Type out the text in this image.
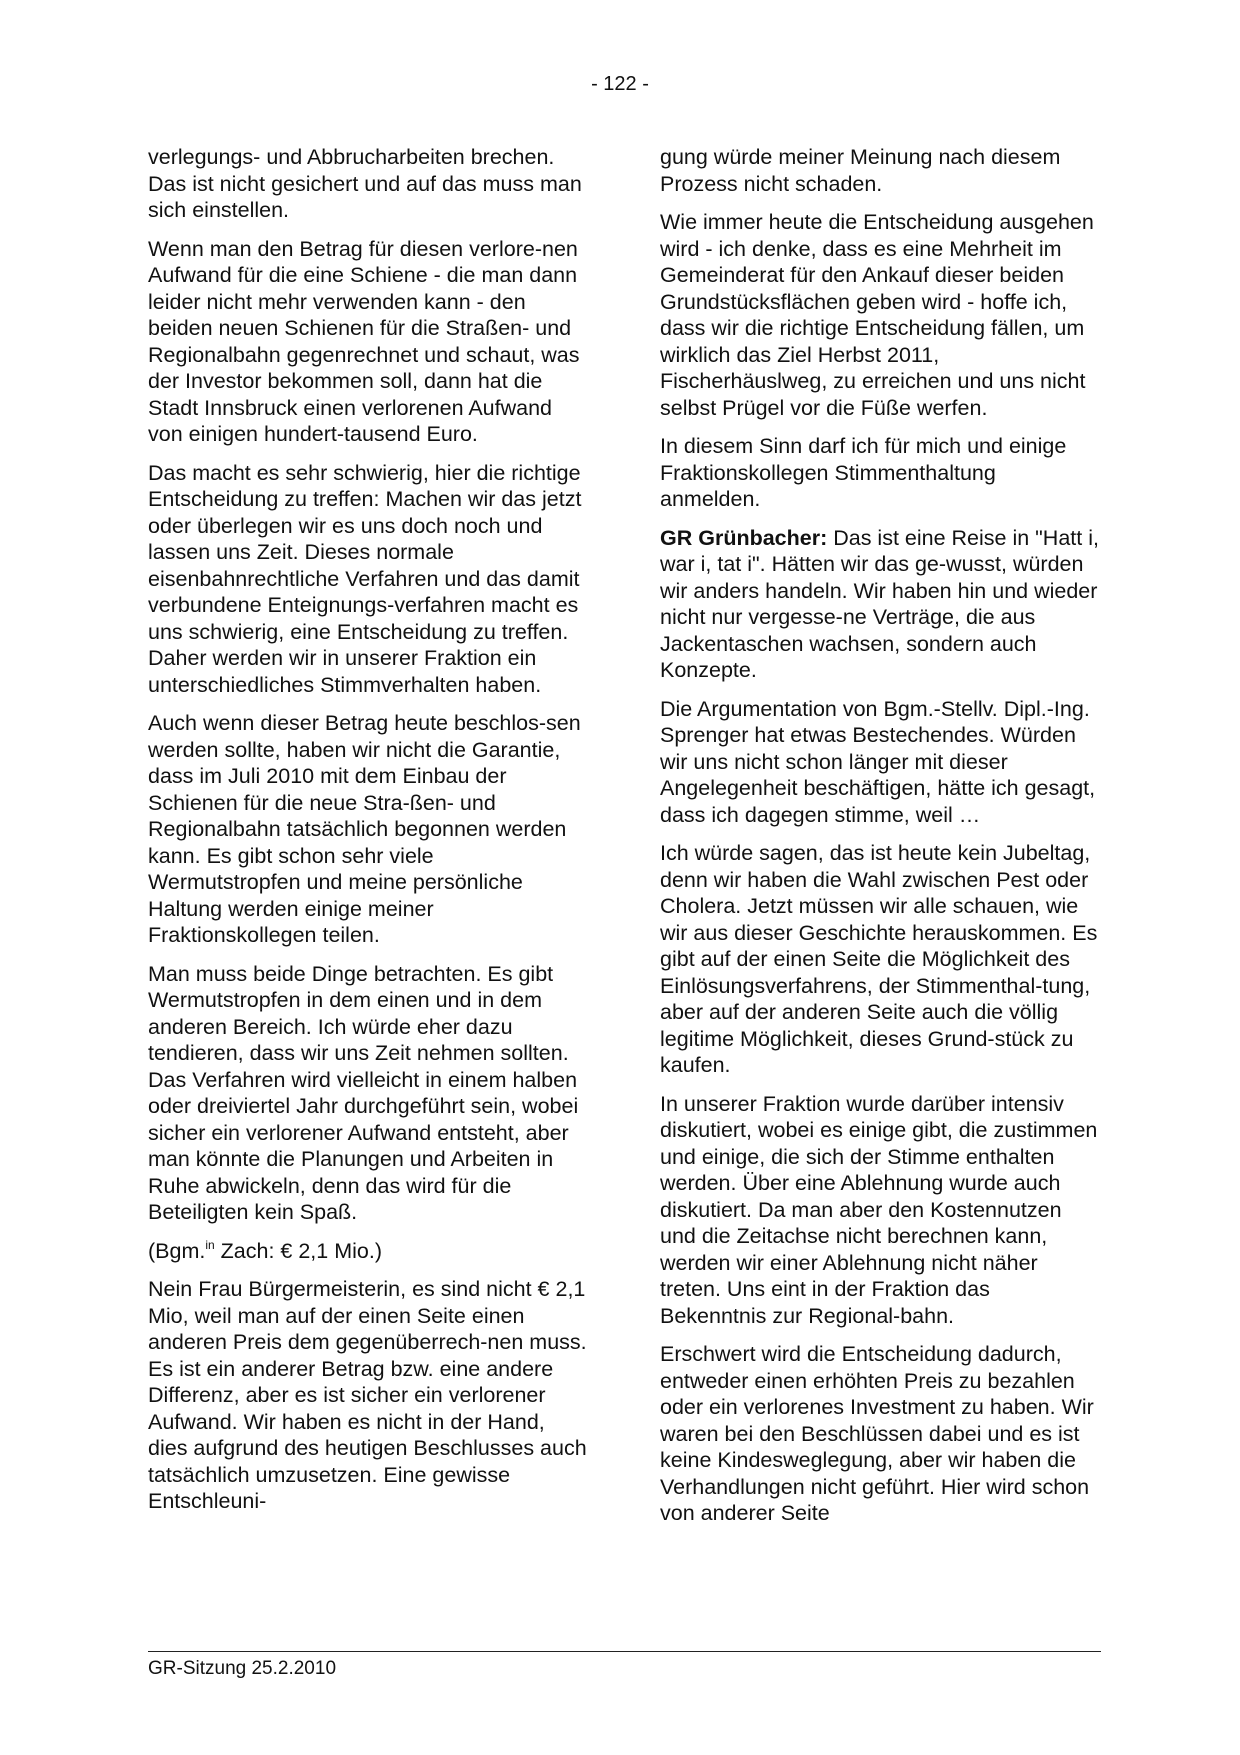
- 122 -

verlegungs- und Abbrucharbeiten brechen. Das ist nicht gesichert und auf das muss man sich einstellen.

Wenn man den Betrag für diesen verlore-nen Aufwand für die eine Schiene - die man dann leider nicht mehr verwenden kann - den beiden neuen Schienen für die Straßen- und Regionalbahn gegenrechnet und schaut, was der Investor bekommen soll, dann hat die Stadt Innsbruck einen verlorenen Aufwand von einigen hundert-tausend Euro.

Das macht es sehr schwierig, hier die richtige Entscheidung zu treffen: Machen wir das jetzt oder überlegen wir es uns doch noch und lassen uns Zeit. Dieses normale eisenbahnrechtliche Verfahren und das damit verbundene Enteignungs-verfahren macht es uns schwierig, eine Entscheidung zu treffen. Daher werden wir in unserer Fraktion ein unterschiedliches Stimmverhalten haben.

Auch wenn dieser Betrag heute beschlos-sen werden sollte, haben wir nicht die Garantie, dass im Juli 2010 mit dem Einbau der Schienen für die neue Stra-ßen- und Regionalbahn tatsächlich begonnen werden kann. Es gibt schon sehr viele Wermutstropfen und meine persönliche Haltung werden einige meiner Fraktionskollegen teilen.

Man muss beide Dinge betrachten. Es gibt Wermutstropfen in dem einen und in dem anderen Bereich. Ich würde eher dazu tendieren, dass wir uns Zeit nehmen sollten. Das Verfahren wird vielleicht in einem halben oder dreiviertel Jahr durchgeführt sein, wobei sicher ein verlorener Aufwand entsteht, aber man könnte die Planungen und Arbeiten in Ruhe abwickeln, denn das wird für die Beteiligten kein Spaß.

(Bgm.$^{in}$ Zach: € 2,1 Mio.)

Nein Frau Bürgermeisterin, es sind nicht € 2,1 Mio, weil man auf der einen Seite einen anderen Preis dem gegenüberrech-nen muss. Es ist ein anderer Betrag bzw. eine andere Differenz, aber es ist sicher ein verlorener Aufwand. Wir haben es nicht in der Hand, dies aufgrund des heutigen Beschlusses auch tatsächlich umzusetzen. Eine gewisse Entschleuni-

gung würde meiner Meinung nach diesem Prozess nicht schaden.

Wie immer heute die Entscheidung ausgehen wird - ich denke, dass es eine Mehrheit im Gemeinderat für den Ankauf dieser beiden Grundstücksflächen geben wird - hoffe ich, dass wir die richtige Entscheidung fällen, um wirklich das Ziel Herbst 2011, Fischerhäuslweg, zu erreichen und uns nicht selbst Prügel vor die Füße werfen.

In diesem Sinn darf ich für mich und einige Fraktionskollegen Stimmenthaltung anmelden.

GR Grünbacher: Das ist eine Reise in "Hatt i, war i, tat i". Hätten wir das ge-wusst, würden wir anders handeln. Wir haben hin und wieder nicht nur vergesse-ne Verträge, die aus Jackentaschen wachsen, sondern auch Konzepte.

Die Argumentation von Bgm.-Stellv. Dipl.-Ing. Sprenger hat etwas Bestechendes. Würden wir uns nicht schon länger mit dieser Angelegenheit beschäftigen, hätte ich gesagt, dass ich dagegen stimme, weil …

Ich würde sagen, das ist heute kein Jubeltag, denn wir haben die Wahl zwischen Pest oder Cholera. Jetzt müssen wir alle schauen, wie wir aus dieser Geschichte herauskommen. Es gibt auf der einen Seite die Möglichkeit des Einlösungsverfahrens, der Stimmenthal-tung, aber auf der anderen Seite auch die völlig legitime Möglichkeit, dieses Grund-stück zu kaufen.

In unserer Fraktion wurde darüber intensiv diskutiert, wobei es einige gibt, die zustimmen und einige, die sich der Stimme enthalten werden. Über eine Ablehnung wurde auch diskutiert. Da man aber den Kostennutzen und die Zeitachse nicht berechnen kann, werden wir einer Ablehnung nicht näher treten. Uns eint in der Fraktion das Bekenntnis zur Regional-bahn.

Erschwert wird die Entscheidung dadurch, entweder einen erhöhten Preis zu bezahlen oder ein verlorenes Investment zu haben. Wir waren bei den Beschlüssen dabei und es ist keine Kindesweglegung, aber wir haben die Verhandlungen nicht geführt. Hier wird schon von anderer Seite

GR-Sitzung 25.2.2010
